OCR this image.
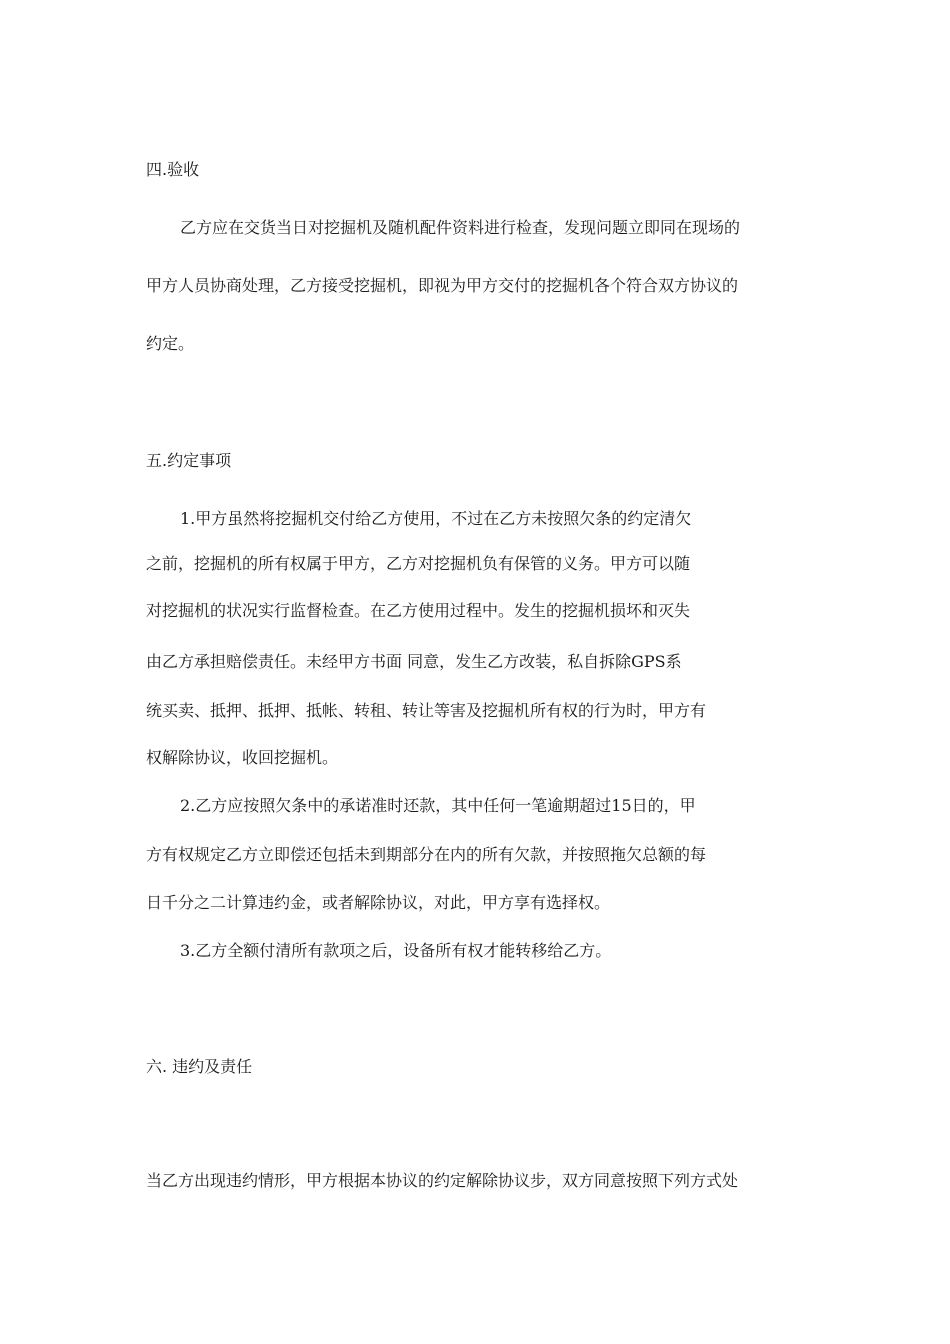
四.验收
乙方应在交货当日对挖掘机及随机配件资料进行检查，发现问题立即同在现场的
甲方人员协商处理，乙方接受挖掘机，即视为甲方交付的挖掘机各个符合双方协议的
约定。
五.约定事项
1.甲方虽然将挖掘机交付给乙方使用，不过在乙方未按照欠条的约定清欠
之前，挖掘机的所有权属于甲方，乙方对挖掘机负有保管的义务。甲方可以随
对挖掘机的状况实行监督检查。在乙方使用过程中。发生的挖掘机损坏和灭失
由乙方承担赔偿责任。未经甲方书面 同意，发生乙方改装，私自拆除GPS系
统买卖、抵押、抵押、抵帐、转租、转让等害及挖掘机所有权的行为时，甲方有
权解除协议，收回挖掘机。
2.乙方应按照欠条中的承诺准时还款，其中任何一笔逾期超过15日的，甲
方有权规定乙方立即偿还包括未到期部分在内的所有欠款，并按照拖欠总额的每
日千分之二计算违约金，或者解除协议，对此，甲方享有选择权。
3.乙方全额付清所有款项之后，设备所有权才能转移给乙方。
六. 违约及责任
当乙方出现违约情形，甲方根据本协议的约定解除协议步，双方同意按照下列方式处
